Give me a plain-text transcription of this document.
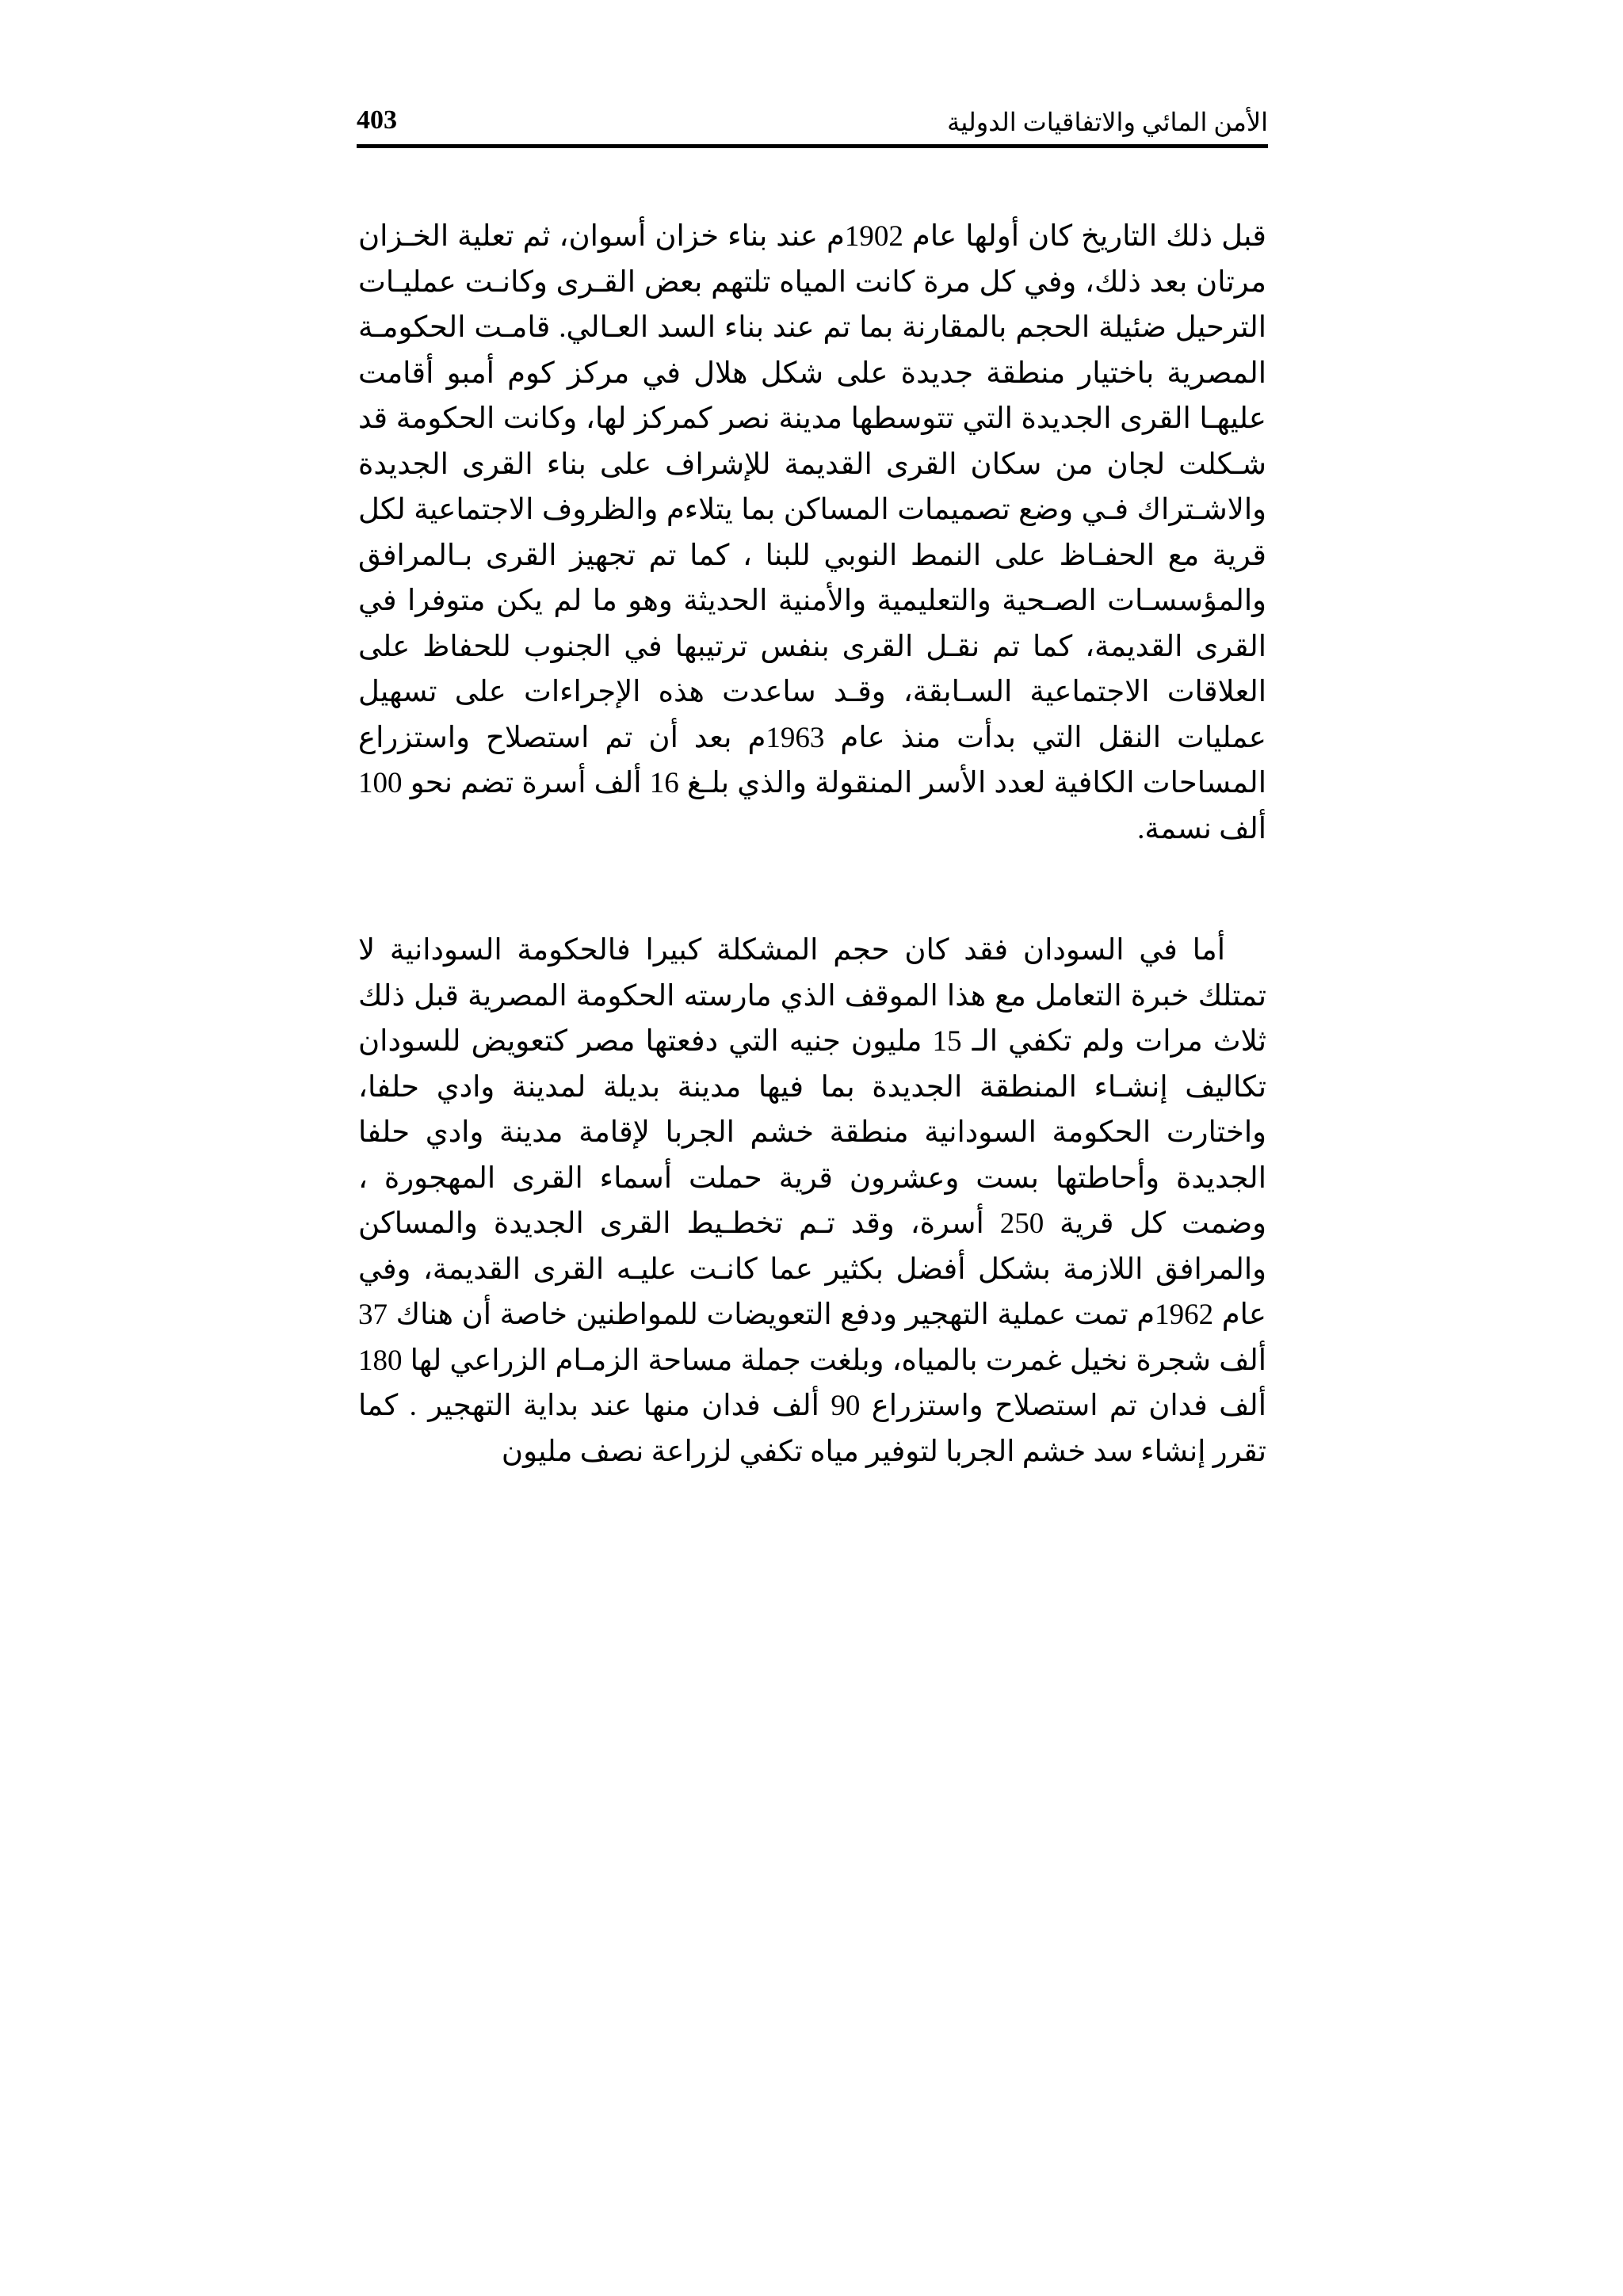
الأمن المائي والاتفاقيات الدولية
403

قبل ذلك التاريخ كان أولها عام 1902م عند بناء خزان أسوان، ثم تعلية الخـزان مرتان بعد ذلك، وفي كل مرة كانت المياه تلتهم بعض القـرى وكانـت عمليـات الترحيل ضئيلة الحجم بالمقارنة بما تم عند بناء السد العـالي. قامـت الحكومـة المصرية باختيار منطقة جديدة على شكل هلال في مركز كوم أمبو أقامت عليهـا القرى الجديدة التي تتوسطها مدينة نصر كمركز لها، وكانت الحكومة قد شـكلت لجان من سكان القرى القديمة للإشراف على بناء القرى الجديدة والاشـتراك فـي وضع تصميمات المساكن بما يتلاءم والظروف الاجتماعية لكل قرية مع الحفـاظ على النمط النوبي للبنا ، كما تم تجهيز القرى بـالمرافق والمؤسسـات الصـحية والتعليمية والأمنية الحديثة وهو ما لم يكن متوفرا في القرى القديمة، كما تم نقـل القرى بنفس ترتيبها في الجنوب للحفاظ على العلاقات الاجتماعية السـابقة، وقـد ساعدت هذه الإجراءات على تسهيل عمليات النقل التي بدأت منذ عام 1963م بعد أن تم استصلاح واستزراع المساحات الكافية لعدد الأسر المنقولة والذي بلـغ 16 ألف أسرة تضم نحو 100 ألف نسمة.

أما في السودان فقد كان حجم المشكلة كبيرا فالحكومة السودانية لا تمتلك خبرة التعامل مع هذا الموقف الذي مارسته الحكومة المصرية قبل ذلك ثلاث مرات ولم تكفي الـ 15 مليون جنيه التي دفعتها مصر كتعويض للسودان تكاليف إنشـاء المنطقة الجديدة بما فيها مدينة بديلة لمدينة وادي حلفا، واختارت الحكومة السودانية منطقة خشم الجربا لإقامة مدينة وادي حلفا الجديدة وأحاطتها بست وعشرون قرية حملت أسماء القرى المهجورة ، وضمت كل قرية 250 أسرة، وقد تـم تخطـيط القرى الجديدة والمساكن والمرافق اللازمة بشكل أفضل بكثير عما كانـت عليـه القرى القديمة، وفي عام 1962م تمت عملية التهجير ودفع التعويضات للمواطنين خاصة أن هناك 37 ألف شجرة نخيل غمرت بالمياه، وبلغت جملة مساحة الزمـام الزراعي لها 180 ألف فدان تم استصلاح واستزراع 90 ألف فدان منها عند بداية التهجير . كما تقرر إنشاء سد خشم الجربا لتوفير مياه تكفي لزراعة نصف مليون
